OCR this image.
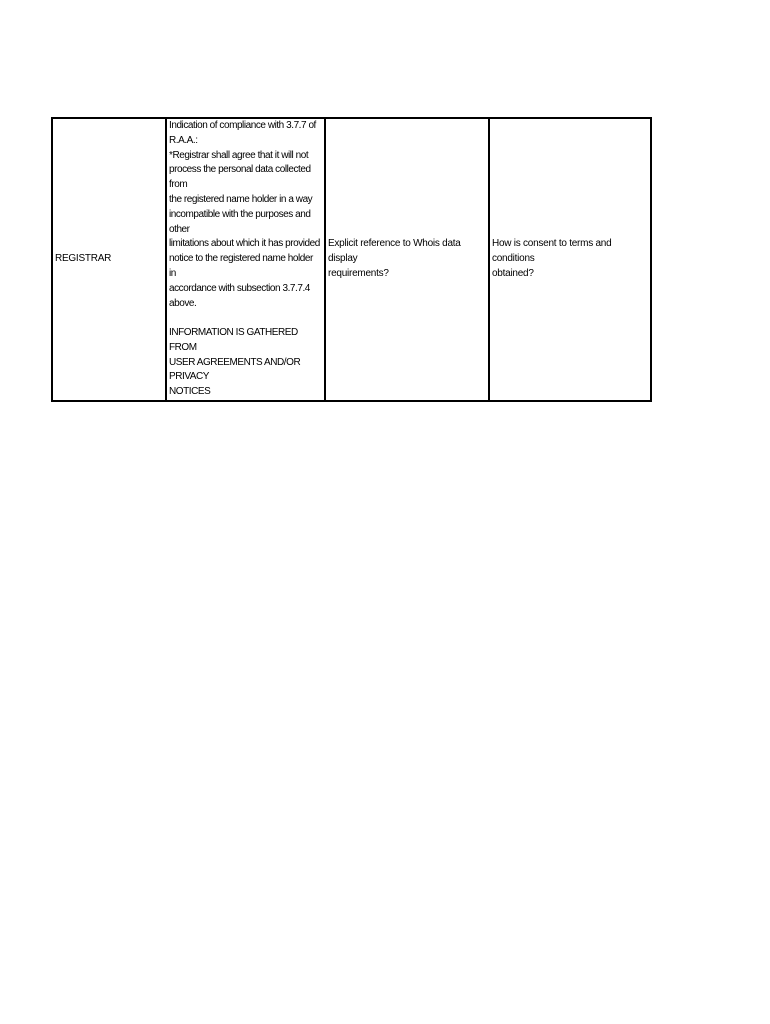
REGISTRAR
Indication of compliance with 3.7.7 of
R.A.A.:
*Registrar shall agree that it will not
process the personal data collected from
the registered name holder in a way
incompatible with the purposes and other
limitations about which it has provided
notice to the registered name holder in
accordance with subsection 3.7.7.4
above.

INFORMATION IS GATHERED FROM
USER AGREEMENTS AND/OR PRIVACY
NOTICES
Explicit reference to Whois data display
requirements?
How is consent to terms and conditions
obtained?
